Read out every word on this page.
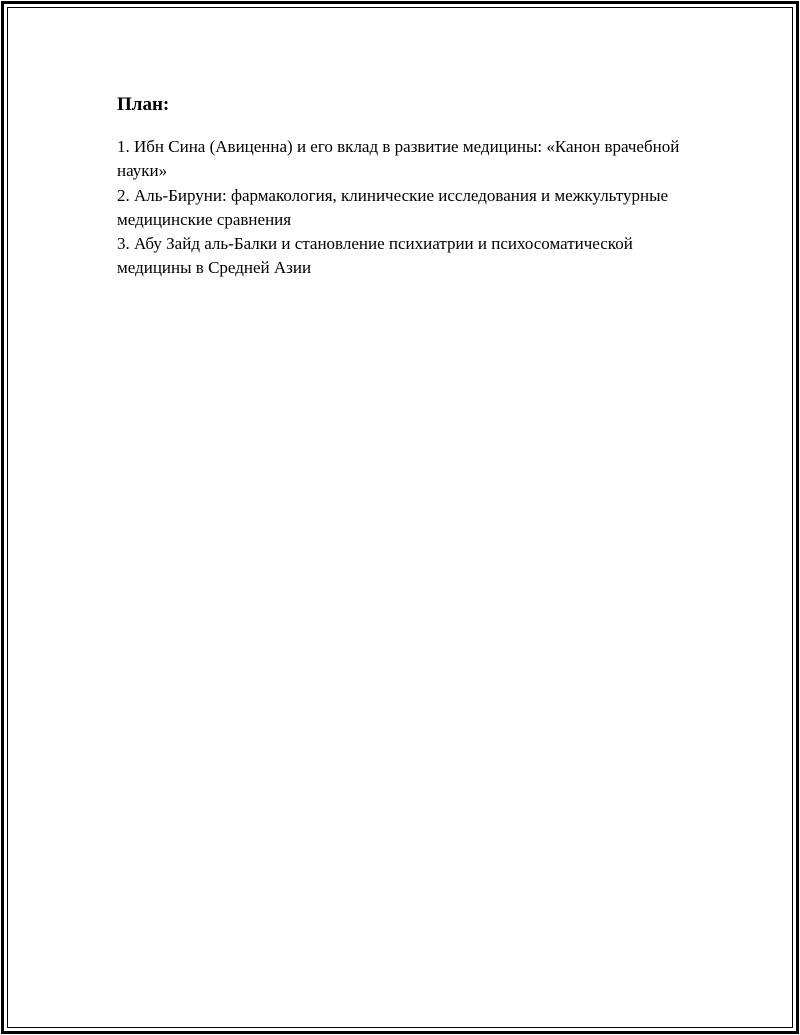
План:
1. Ибн Сина (Авиценна) и его вклад в развитие медицины: «Канон врачебной науки»
2. Аль-Бируни: фармакология, клинические исследования и межкультурные медицинские сравнения
3. Абу Зайд аль-Балки и становление психиатрии и психосоматической медицины в Средней Азии
